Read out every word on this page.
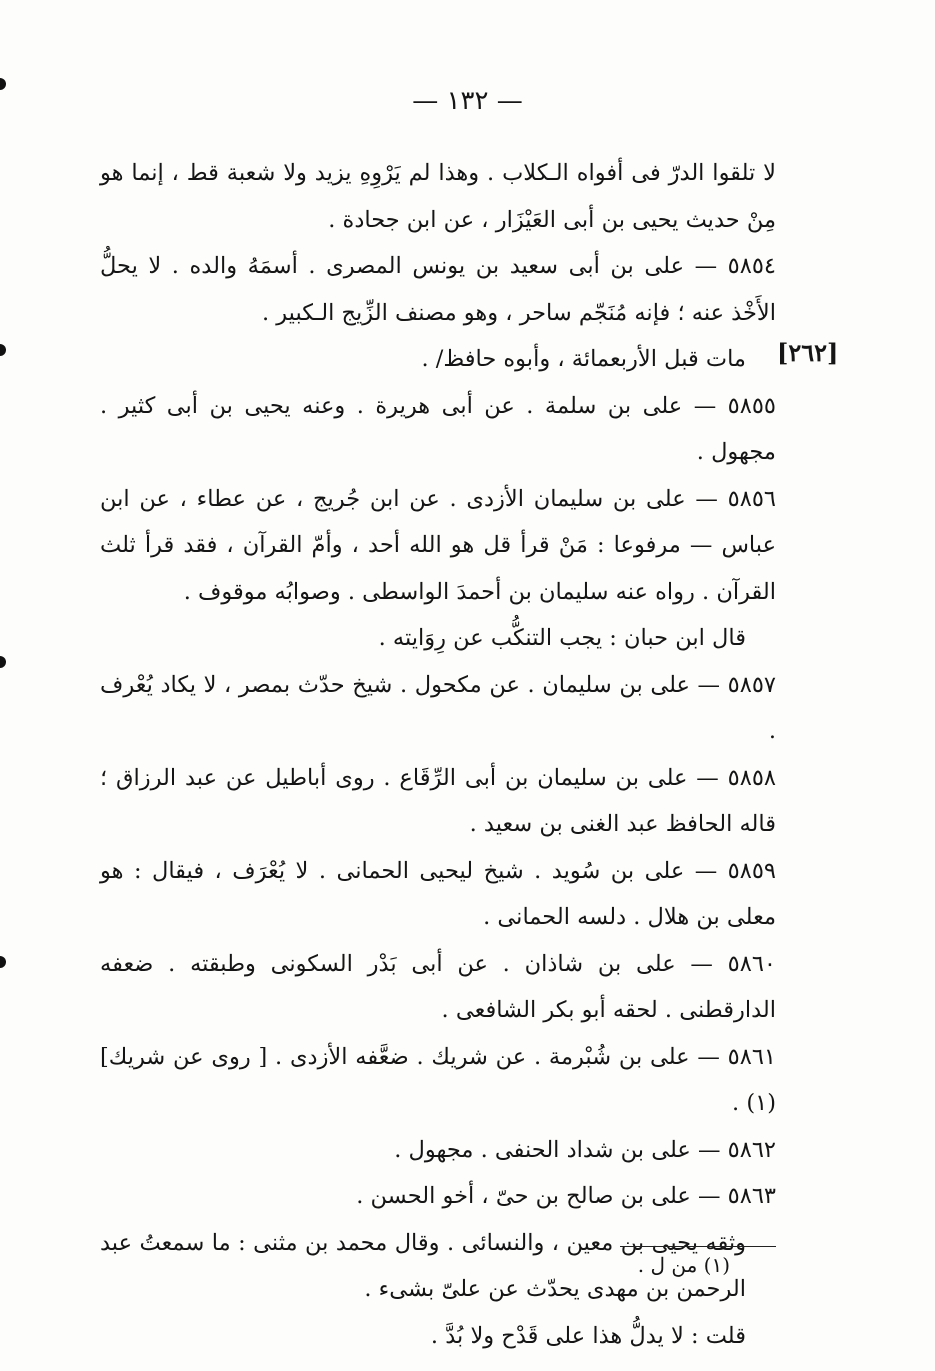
— ١٣٢ —
[٢٦٢]

لا تلقوا الدرّ فى أفواه الـكلاب . وهذا لم يَرْوِهِ يزيد ولا شعبة قط ، إنما هو مِنْ حديث يحيى بن أبى العَيْزَار ، عن ابن جحادة .

٥٨٥٤ — على بن أبى سعيد بن يونس المصرى . أسمَهُ والده . لا يحلُّ الأَخْذ عنه ؛ فإنه مُنَجّم ساحر ، وهو مصنف الزِّيج الـكبير .

مات قبل الأربعمائة ، وأبوه حافظ/ .

٥٨٥٥ — على بن سلمة . عن أبى هريرة . وعنه يحيى بن أبى كثير . مجهول .

٥٨٥٦ — على بن سليمان الأزدى . عن ابن جُريج ، عن عطاء ، عن ابن عباس — مرفوعا : مَنْ قرأ قل هو الله أحد ، وأمّ القرآن ، فقد قرأ ثلث القرآن . رواه عنه سليمان بن أحمدَ الواسطى . وصوابُه موقوف .

قال ابن حبان : يجب التنكُّب عن رِوَايته .

٥٨٥٧ — على بن سليمان . عن مكحول . شيخ حدّث بمصر ، لا يكاد يُعْرف .

٥٨٥٨ — على بن سليمان بن أبى الرِّقَاع . روى أباطيل عن عبد الرزاق ؛ قاله الحافظ عبد الغنى بن سعيد .

٥٨٥٩ — على بن سُويد . شيخ ليحيى الحمانى . لا يُعْرَف ، فيقال : هو معلى بن هلال . دلسه الحمانى .

٥٨٦٠ — على بن شاذان . عن أبى بَدْر السكونى وطبقته . ضعفه الدارقطنى . لحقه أبو بكر الشافعى .

٥٨٦١ — على بن شُبْرمة . عن شريك . ضعَّفه الأزدى . [ روى عن شريك](١) .

٥٨٦٢ — على بن شداد الحنفى . مجهول .

٥٨٦٣ — على بن صالح بن حىّ ، أخو الحسن .

وثقه يحيى بن معين ، والنسائى . وقال محمد بن مثنى : ما سمعتُ عبد الرحمن بن مهدى يحدّث عن علىّ بشىء .

قلت : لا يدلُّ هذا على قَدْح ولا بُدَّ .

(١) من ل .
